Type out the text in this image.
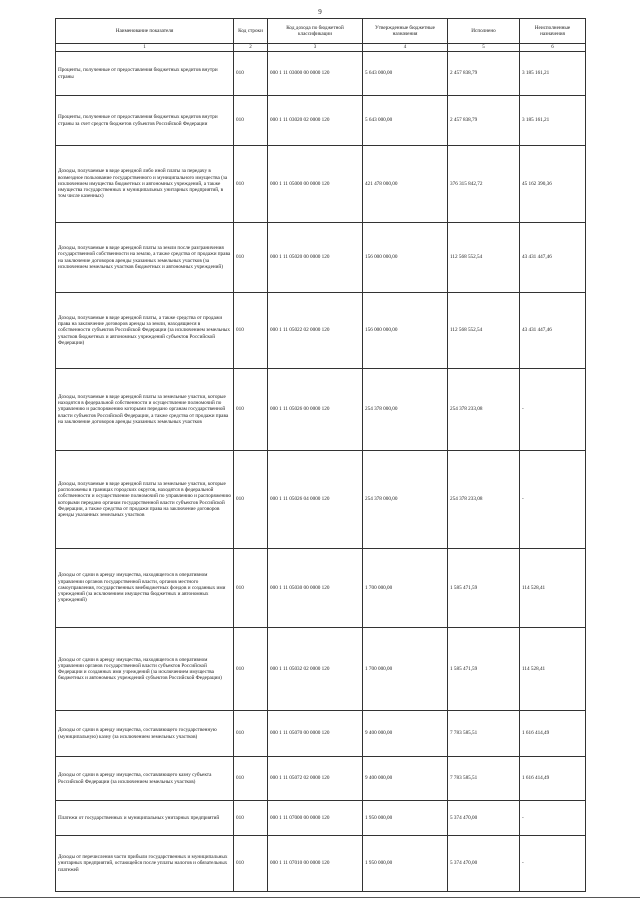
9
Наименование показателя	Код строки	Код дохода по бюджетной классификации	Утвержденные бюджетные назначения	Исполнено	Неисполненные назначения
1	2	3	4	5	6
Проценты, полученные от предоставления бюджетных кредитов внутри страны	010	000 1 11 03000 00 0000 120	5 643 000,00	2 457 838,79	3 185 161,21
Проценты, полученные от предоставления бюджетных кредитов внутри страны за счет средств бюджетов субъектов Российской Федерации	010	000 1 11 03020 02 0000 120	5 643 000,00	2 457 838,79	3 185 161,21
Доходы, получаемые в виде арендной либо иной платы за передачу в возмездное пользование государственного и муниципального имущества (за исключением имущества бюджетных и автономных учреждений, а также имущества государственных и муниципальных унитарных предприятий, в том числе казенных)	010	000 1 11 05000 00 0000 120	421 478 000,00	376 315 842,72	45 162 390,36
Доходы, получаемые в виде арендной платы за земли после разграничения государственной собственности на землю, а также средства от продажи права на заключение договоров аренды указанных земельных участков (за исключением земельных участков бюджетных и автономных учреждений)	010	000 1 11 05020 00 0000 120	156 000 000,00	112 568 552,54	43 431 447,46
Доходы, получаемые в виде арендной платы, а также средства от продажи права на заключение договоров аренды за земли, находящиеся в собственности субъектов Российской Федерации (за исключением земельных участков бюджетных и автономных учреждений субъектов Российской Федерации)	010	000 1 11 05022 02 0000 120	156 000 000,00	112 568 552,54	43 431 447,46
Доходы, получаемые в виде арендной платы за земельные участки, которые находятся в федеральной собственности и осуществление полномочий по управлению и распоряжению которыми передано органам государственной власти субъектов Российской Федерации, а также средства от продажи права на заключение договоров аренды указанных земельных участков	010	000 1 11 05026 00 0000 120	254 378 000,00	254 378 233,08	-
Доходы, получаемые в виде арендной платы за земельные участки, которые расположены в границах городских округов, находятся в федеральной собственности и осуществление полномочий по управлению и распоряжению которыми передано органам государственной власти субъектов Российской Федерации, а также средства от продажи права на заключение договоров аренды указанных земельных участков	010	000 1 11 05026 04 0000 120	254 378 000,00	254 378 233,08	-
Доходы от сдачи в аренду имущества, находящегося в оперативном управлении органов государственной власти, органов местного самоуправления, государственных внебюджетных фондов и созданных ими учреждений (за исключением имущества бюджетных и автономных учреждений)	010	000 1 11 05030 00 0000 120	1 700 000,00	1 585 471,59	114 528,41
Доходы от сдачи в аренду имущества, находящегося в оперативном управлении органов государственной власти субъектов Российской Федерации и созданных ими учреждений (за исключением имущества бюджетных и автономных учреждений субъектов Российской Федерации)	010	000 1 11 05032 02 0000 120	1 700 000,00	1 585 471,59	114 528,41
Доходы от сдачи в аренду имущества, составляющего государственную (муниципальную) казну (за исключением земельных участков)	010	000 1 11 05070 00 0000 120	9 400 000,00	7 783 585,51	1 616 414,49
Доходы от сдачи в аренду имущества, составляющего казну субъекта Российской Федерации (за исключением земельных участков)	010	000 1 11 05072 02 0000 120	9 400 000,00	7 783 585,51	1 616 414,49
Платежи от государственных и муниципальных унитарных предприятий	010	000 1 11 07000 00 0000 120	1 950 000,00	5 374 470,00	-
Доходы от перечисления части прибыли государственных и муниципальных унитарных предприятий, остающейся после уплаты налогов и обязательных платежей	010	000 1 11 07010 00 0000 120	1 950 000,00	5 374 470,00	-
